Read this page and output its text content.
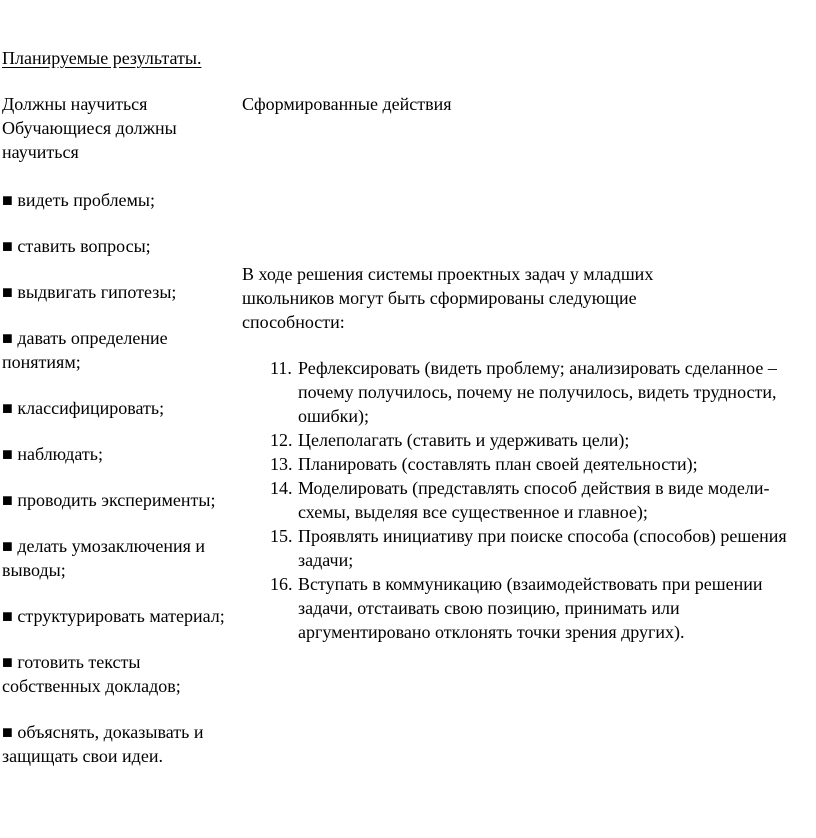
Планируемые результаты.

Должны научиться

Обучающиеся должны научиться

■ видеть проблемы;
■ ставить вопросы;
■ выдвигать гипотезы;
■ давать определение понятиям;
■ классифицировать;
■ наблюдать;
■ проводить эксперименты;
■ делать умозаключения и выводы;
■ структурировать материал;
■ готовить тексты собственных докладов;
■ объяснять, доказывать и защищать свои идеи.

Сформированные действия

В ходе решения системы проектных задач у младших школьников могут быть сформированы следующие способности:

11. Рефлексировать (видеть проблему; анализировать сделанное – почему получилось, почему не получилось, видеть трудности, ошибки);
12. Целеполагать (ставить и удерживать цели);
13. Планировать (составлять план своей деятельности);
14. Моделировать (представлять способ действия в виде модели-схемы, выделяя все существенное и главное);
15. Проявлять инициативу при поиске способа (способов) решения задачи;
16. Вступать в коммуникацию (взаимодействовать при решении задачи, отстаивать свою позицию, принимать или аргументировано отклонять точки зрения других).
